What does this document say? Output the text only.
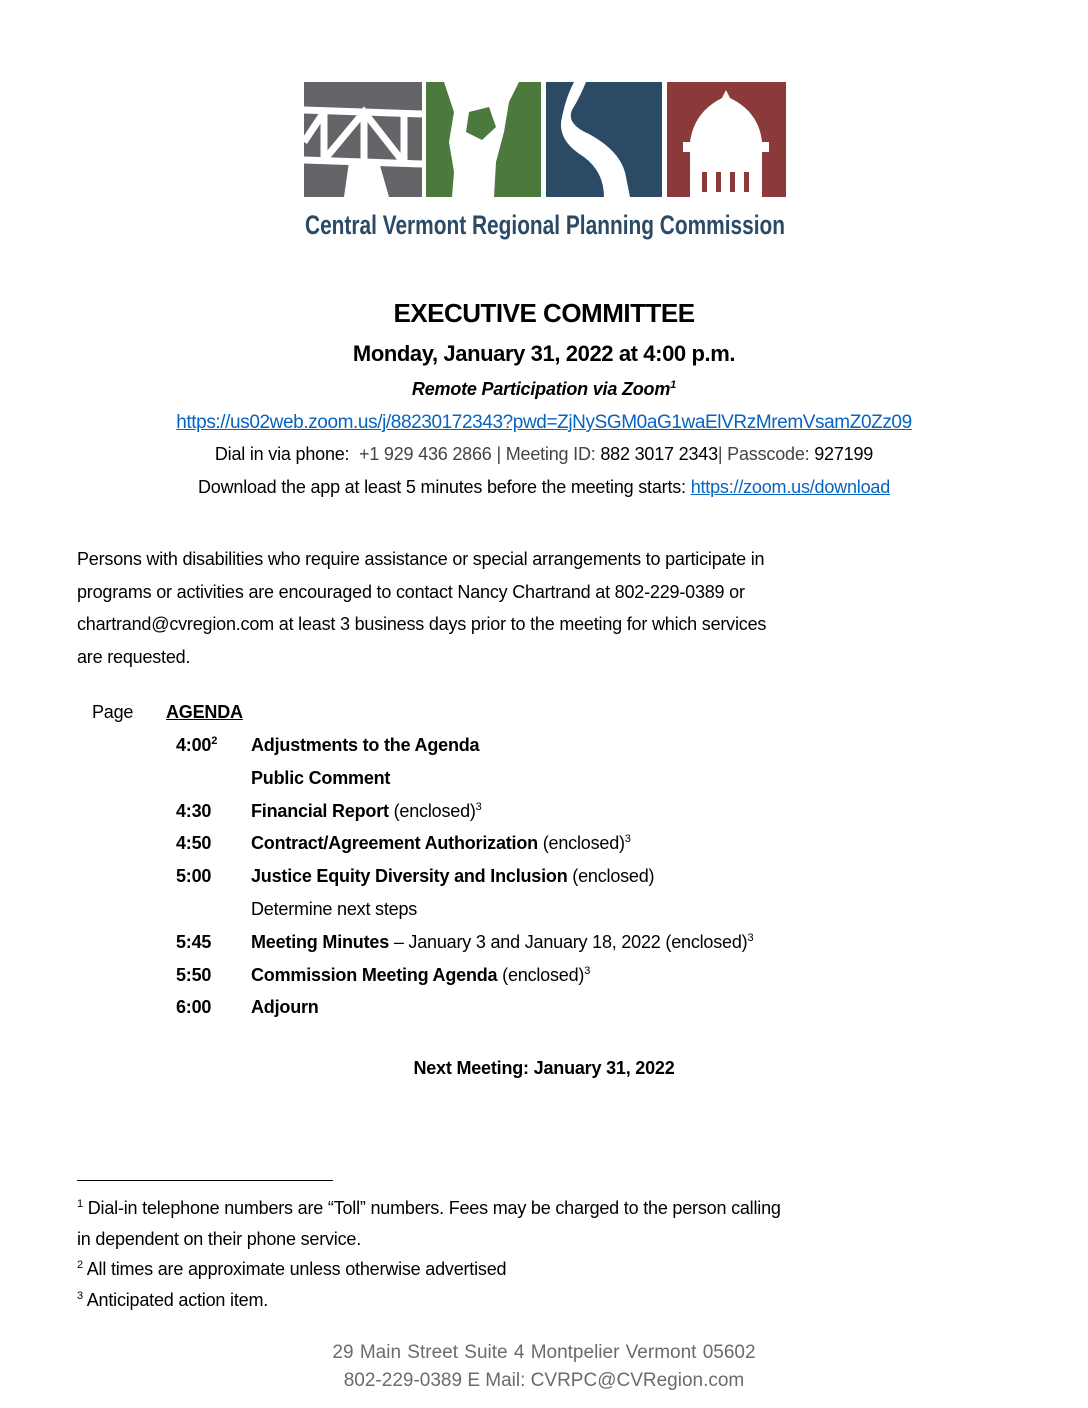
Central Vermont Regional Planning Commission
EXECUTIVE COMMITTEE
Monday, January 31, 2022 at 4:00 p.m.
Remote Participation via Zoom$^1$
https://us02web.zoom.us/j/88230172343?pwd=ZjNySGM0aG1waElVRzMremVsamZ0Zz09
Dial in via phone: +1 929 436 2866 | Meeting ID: 882 3017 2343| Passcode: 927199
Download the app at least 5 minutes before the meeting starts: https://zoom.us/download
Persons with disabilities who require assistance or special arrangements to participate in
programs or activities are encouraged to contact Nancy Chartrand at 802-229-0389 or
chartrand@cvregion.com at least 3 business days prior to the meeting for which services
are requested.
Page AGENDA
$4:00^2$ Adjustments to the Agenda
Public Comment
4:30 Financial Report (enclosed)$^3$
4:50 Contract/Agreement Authorization (enclosed)$^3$
5:00 Justice Equity Diversity and Inclusion (enclosed)
Determine next steps
5:45 Meeting Minutes – January 3 and January 18, 2022 (enclosed)$^3$
5:50 Commission Meeting Agenda (enclosed)$^3$
6:00 Adjourn
Next Meeting: January 31, 2022
$^1$ Dial-in telephone numbers are “Toll” numbers. Fees may be charged to the person calling
in dependent on their phone service.
$^2$ All times are approximate unless otherwise advertised
$^3$ Anticipated action item.
29 Main Street Suite 4 Montpelier Vermont 05602
802-229-0389 E Mail: CVRPC@CVRegion.com
